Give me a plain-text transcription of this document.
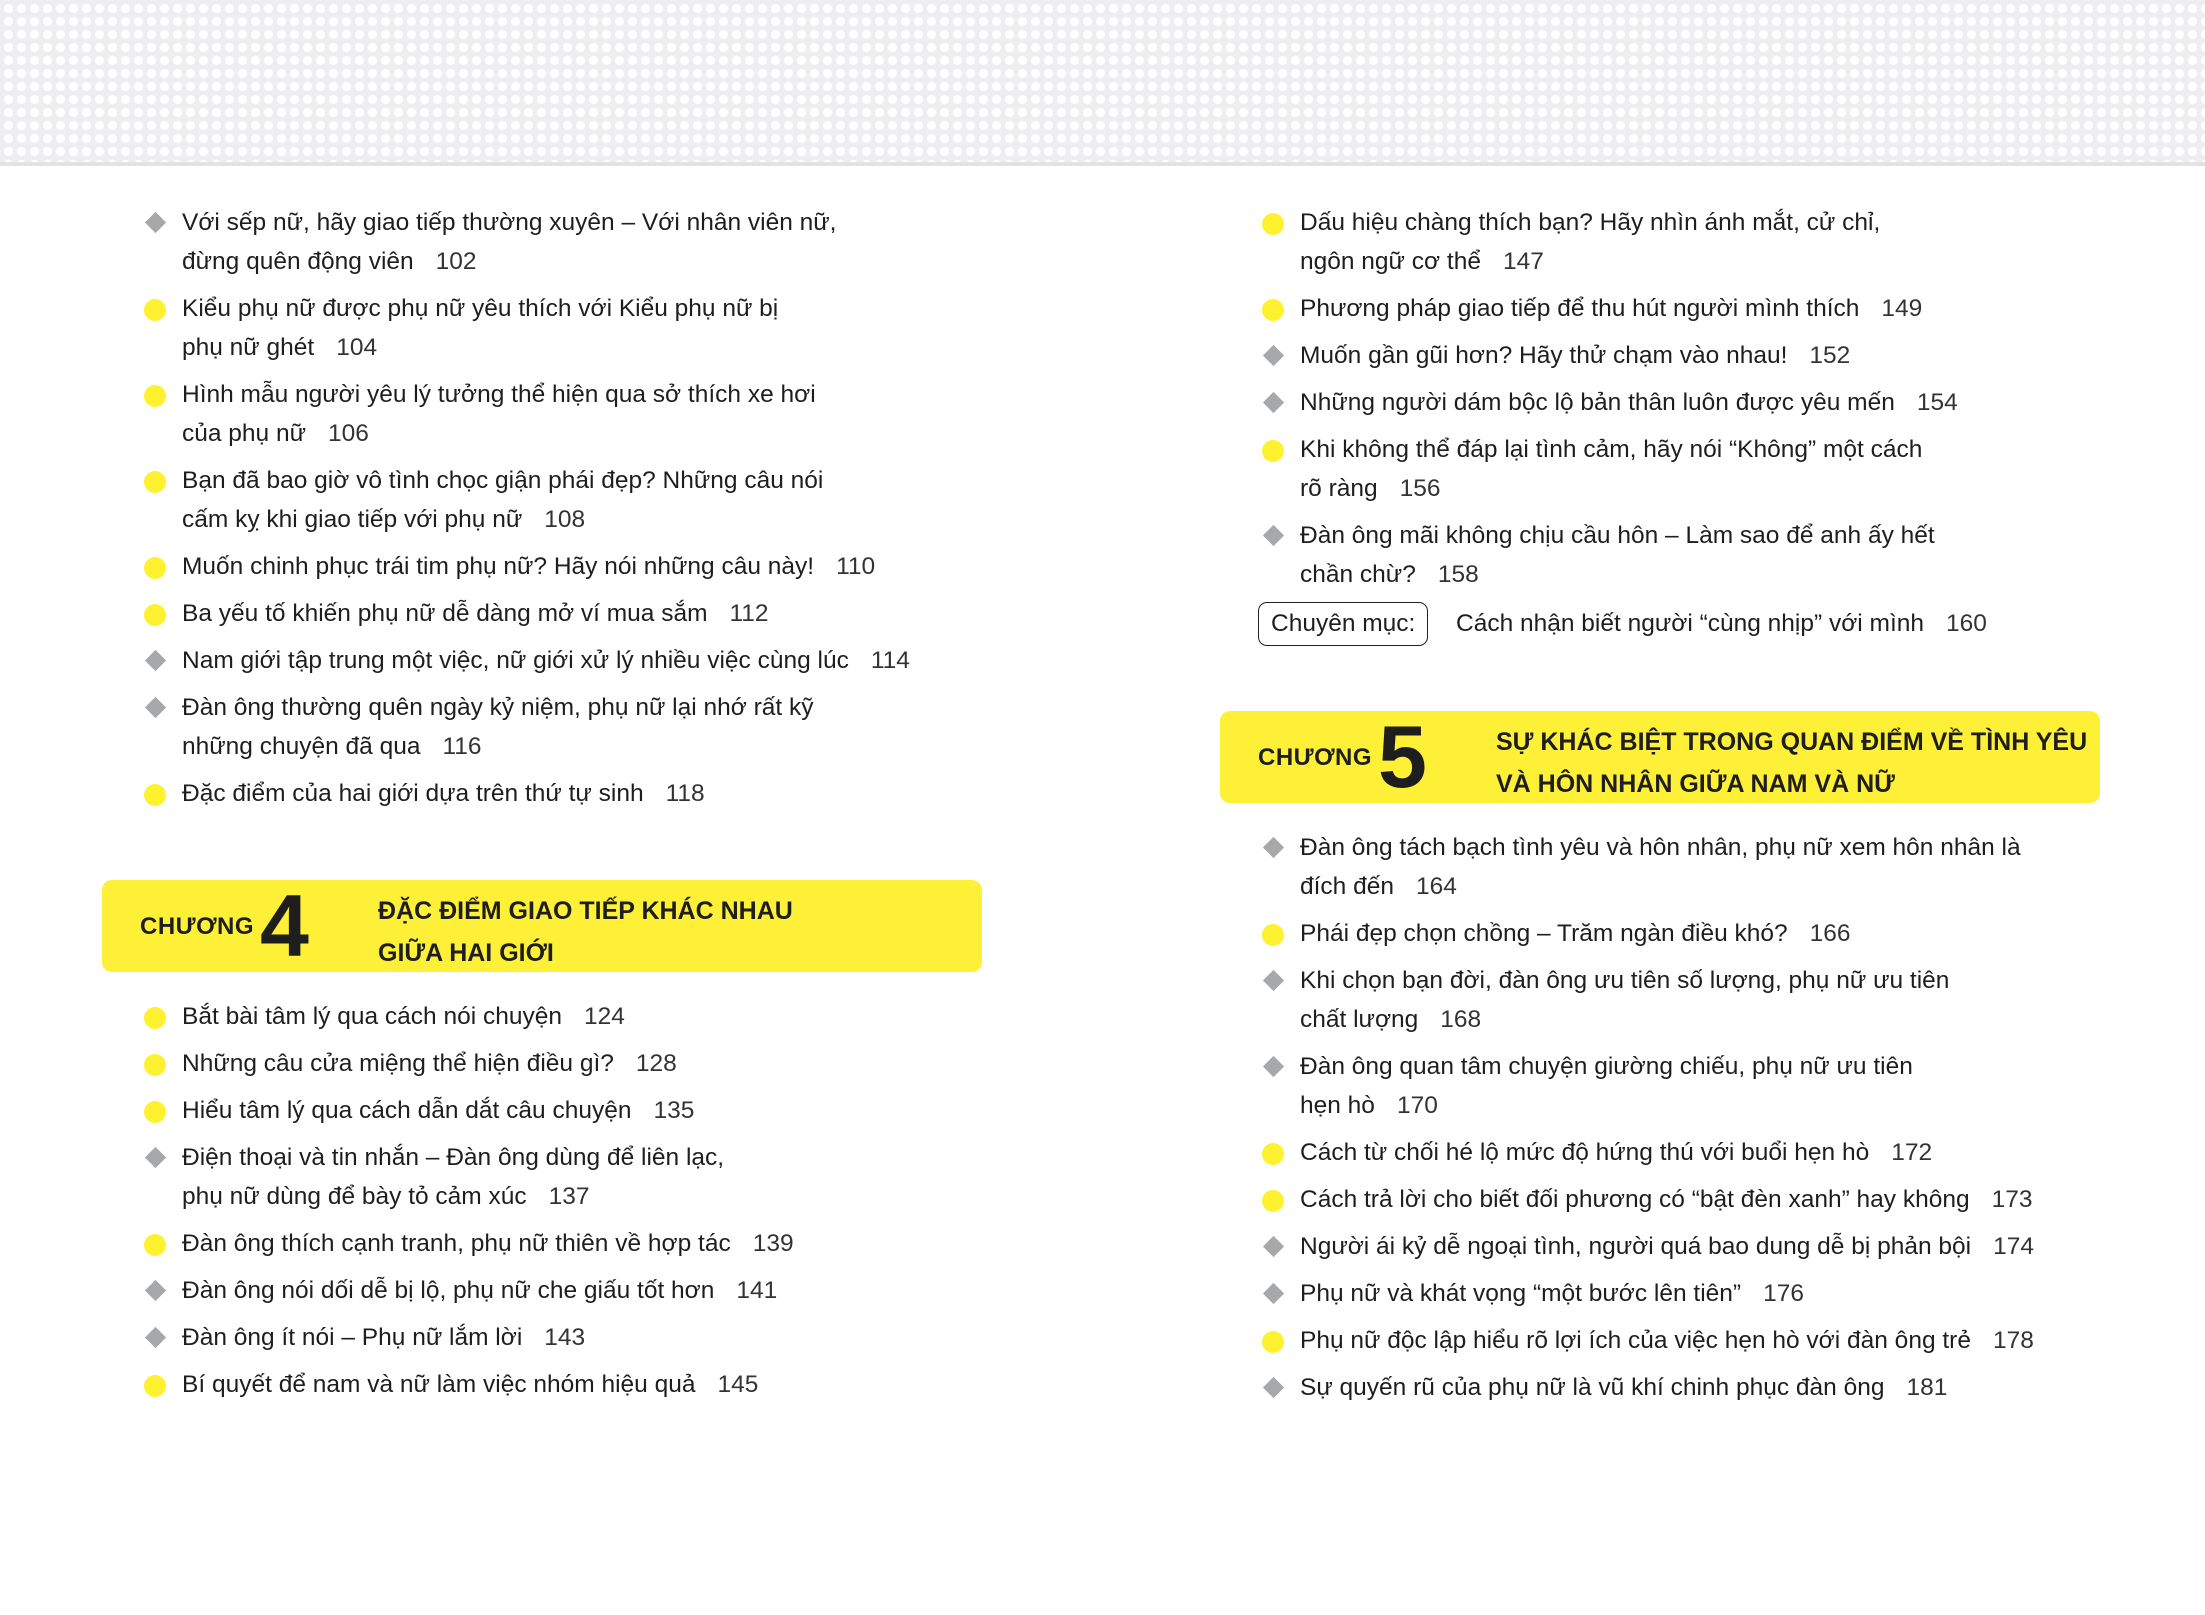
Với sếp nữ, hãy giao tiếp thường xuyên – Với nhân viên nữ,
đừng quên động viên 102
Kiểu phụ nữ được phụ nữ yêu thích với Kiểu phụ nữ bị
phụ nữ ghét 104
Hình mẫu người yêu lý tưởng thể hiện qua sở thích xe hơi
của phụ nữ 106
Bạn đã bao giờ vô tình chọc giận phái đẹp? Những câu nói
cấm kỵ khi giao tiếp với phụ nữ 108
Muốn chinh phục trái tim phụ nữ? Hãy nói những câu này! 110
Ba yếu tố khiến phụ nữ dễ dàng mở ví mua sắm 112
Nam giới tập trung một việc, nữ giới xử lý nhiều việc cùng lúc 114
Đàn ông thường quên ngày kỷ niệm, phụ nữ lại nhớ rất kỹ
những chuyện đã qua 116
Đặc điểm của hai giới dựa trên thứ tự sinh 118
CHƯƠNG 4	ĐẶC ĐIỂM GIAO TIẾP KHÁC NHAU
GIỮA HAI GIỚI
Bắt bài tâm lý qua cách nói chuyện 124
Những câu cửa miệng thể hiện điều gì? 128
Hiểu tâm lý qua cách dẫn dắt câu chuyện 135
Điện thoại và tin nhắn – Đàn ông dùng để liên lạc,
phụ nữ dùng để bày tỏ cảm xúc 137
Đàn ông thích cạnh tranh, phụ nữ thiên về hợp tác 139
Đàn ông nói dối dễ bị lộ, phụ nữ che giấu tốt hơn 141
Đàn ông ít nói – Phụ nữ lắm lời 143
Bí quyết để nam và nữ làm việc nhóm hiệu quả 145
Dấu hiệu chàng thích bạn? Hãy nhìn ánh mắt, cử chỉ,
ngôn ngữ cơ thể 147
Phương pháp giao tiếp để thu hút người mình thích 149
Muốn gần gũi hơn? Hãy thử chạm vào nhau! 152
Những người dám bộc lộ bản thân luôn được yêu mến 154
Khi không thể đáp lại tình cảm, hãy nói “Không” một cách
rõ ràng 156
Đàn ông mãi không chịu cầu hôn – Làm sao để anh ấy hết
chần chừ? 158
Chuyên mục:	Cách nhận biết người “cùng nhịp” với mình 160
CHƯƠNG 5	SỰ KHÁC BIỆT TRONG QUAN ĐIỂM VỀ TÌNH YÊU
VÀ HÔN NHÂN GIỮA NAM VÀ NỮ
Đàn ông tách bạch tình yêu và hôn nhân, phụ nữ xem hôn nhân là
đích đến 164
Phái đẹp chọn chồng – Trăm ngàn điều khó? 166
Khi chọn bạn đời, đàn ông ưu tiên số lượng, phụ nữ ưu tiên
chất lượng 168
Đàn ông quan tâm chuyện giường chiếu, phụ nữ ưu tiên
hẹn hò 170
Cách từ chối hé lộ mức độ hứng thú với buổi hẹn hò 172
Cách trả lời cho biết đối phương có “bật đèn xanh” hay không 173
Người ái kỷ dễ ngoại tình, người quá bao dung dễ bị phản bội 174
Phụ nữ và khát vọng “một bước lên tiên” 176
Phụ nữ độc lập hiểu rõ lợi ích của việc hẹn hò với đàn ông trẻ 178
Sự quyến rũ của phụ nữ là vũ khí chinh phục đàn ông 181
